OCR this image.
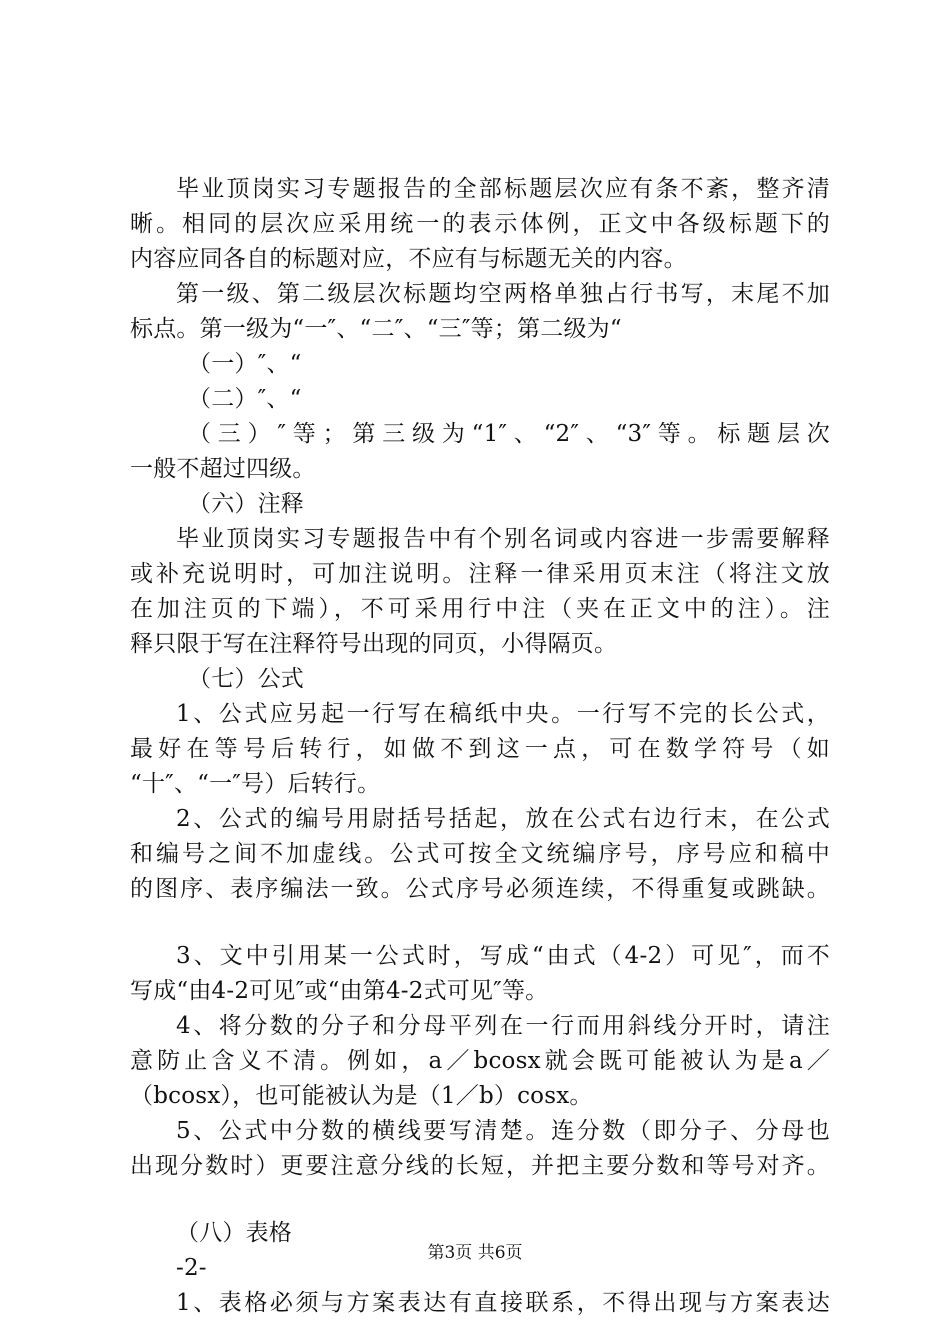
毕业顶岗实习专题报告的全部标题层次应有条不紊，整齐清
晰。相同的层次应采用统一的表示体例，正文中各级标题下的
内容应同各自的标题对应，不应有与标题无关的内容。
第一级、第二级层次标题均空两格单独占行书写，末尾不加
标点。第一级为“一″、“二″、“三″等；第二级为“
（一）″、“
（二）″、“
（三）″等；第三级为“1″、“2″、“3″等。标题层次
一般不超过四级。
（六）注释
毕业顶岗实习专题报告中有个别名词或内容进一步需要解释
或补充说明时，可加注说明。注释一律采用页末注（将注文放
在加注页的下端），不可采用行中注（夹在正文中的注）。注
释只限于写在注释符号出现的同页，小得隔页。
（七）公式
1、公式应另起一行写在稿纸中央。一行写不完的长公式，
最好在等号后转行，如做不到这一点，可在数学符号（如
“十″、“一″号）后转行。
2、公式的编号用尉括号括起，放在公式右边行末，在公式
和编号之间不加虚线。公式可按全文统编序号，序号应和稿中
的图序、表序编法一致。公式序号必须连续，不得重复或跳缺。
3、文中引用某一公式时，写成“由式（4-2）可见″，而不
写成“由4-2可见″或“由第4-2式可见″等。
4、将分数的分子和分母平列在一行而用斜线分开时，请注
意防止含义不清。例如，a／bcosx就会既可能被认为是a／
（bcosx），也可能被认为是（1／b）cosx。
5、公式中分数的横线要写清楚。连分数（即分子、分母也
出现分数时）更要注意分线的长短，并把主要分数和等号对齐。
（八）表格
-2-
1、表格必须与方案表达有直接联系，不得出现与方案表达
第3页 共6页
